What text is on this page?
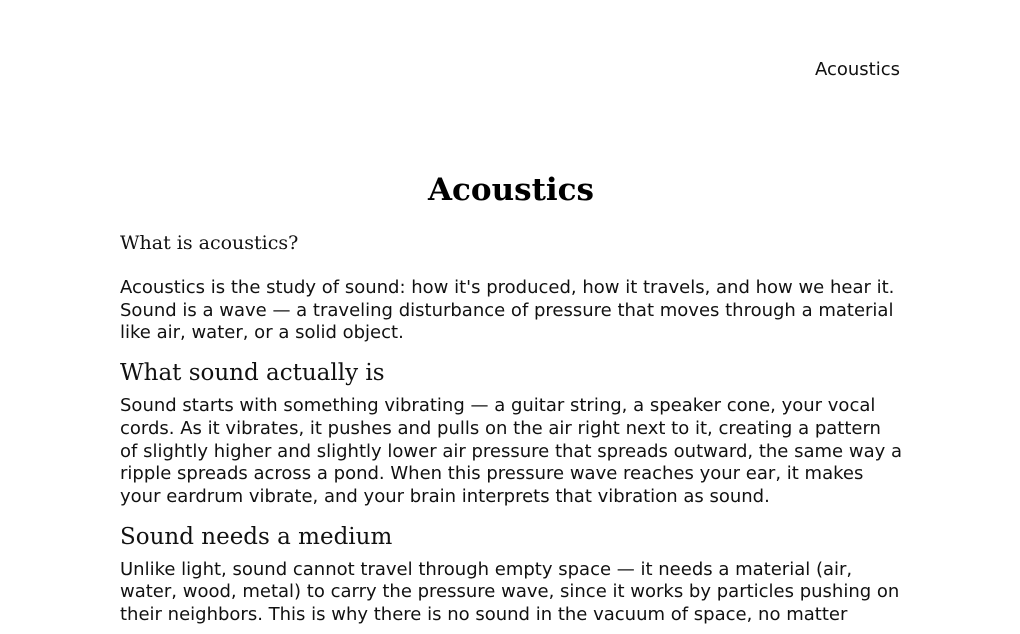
Acoustics
Acoustics
What is acoustics?

Acoustics is the study of sound: how it's produced, how it travels, and how we hear it. Sound is a wave — a traveling disturbance of pressure that moves through a material like air, water, or a solid object.

What sound actually is

Sound starts with something vibrating — a guitar string, a speaker cone, your vocal cords. As it vibrates, it pushes and pulls on the air right next to it, creating a pattern of slightly higher and slightly lower air pressure that spreads outward, the same way a ripple spreads across a pond. When this pressure wave reaches your ear, it makes your eardrum vibrate, and your brain interprets that vibration as sound.

Sound needs a medium

Unlike light, sound cannot travel through empty space — it needs a material (air, water, wood, metal) to carry the pressure wave, since it works by particles pushing on their neighbors. This is why there is no sound in the vacuum of space, no matter
